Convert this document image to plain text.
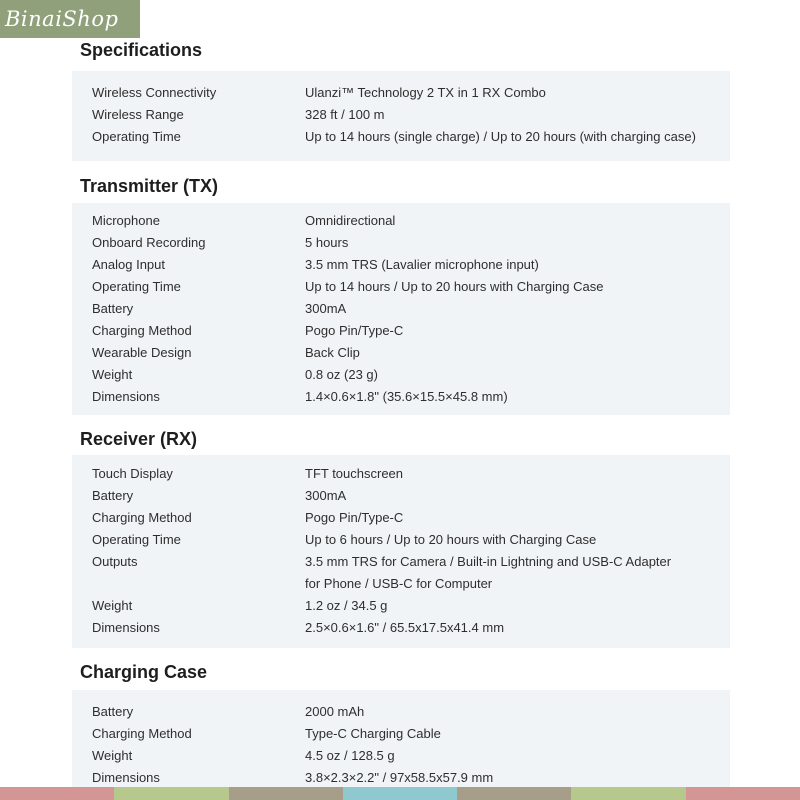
BinaiShop
Specifications
Wireless Connectivity	Ulanzi™ Technology 2 TX in 1 RX Combo
Wireless Range	328 ft / 100 m
Operating Time	Up to 14 hours (single charge) / Up to 20 hours (with charging case)
Transmitter (TX)
Microphone	Omnidirectional
Onboard Recording	5 hours
Analog Input	3.5 mm TRS (Lavalier microphone input)
Operating Time	Up to 14 hours / Up to 20 hours with Charging Case
Battery	300mA
Charging Method	Pogo Pin/Type-C
Wearable Design	Back Clip
Weight	0.8 oz (23 g)
Dimensions	1.4×0.6×1.8" (35.6×15.5×45.8 mm)
Receiver (RX)
Touch Display	TFT touchscreen
Battery	300mA
Charging Method	Pogo Pin/Type-C
Operating Time	Up to 6 hours / Up to 20 hours with Charging Case
Outputs	3.5 mm TRS for Camera / Built-in Lightning and USB-C Adapter
for Phone / USB-C for Computer
Weight	1.2 oz / 34.5 g
Dimensions	2.5×0.6×1.6" / 65.5x17.5x41.4 mm
Charging Case
Battery	2000 mAh
Charging Method	Type-C Charging Cable
Weight	4.5 oz / 128.5 g
Dimensions	3.8×2.3×2.2" / 97x58.5x57.9 mm
